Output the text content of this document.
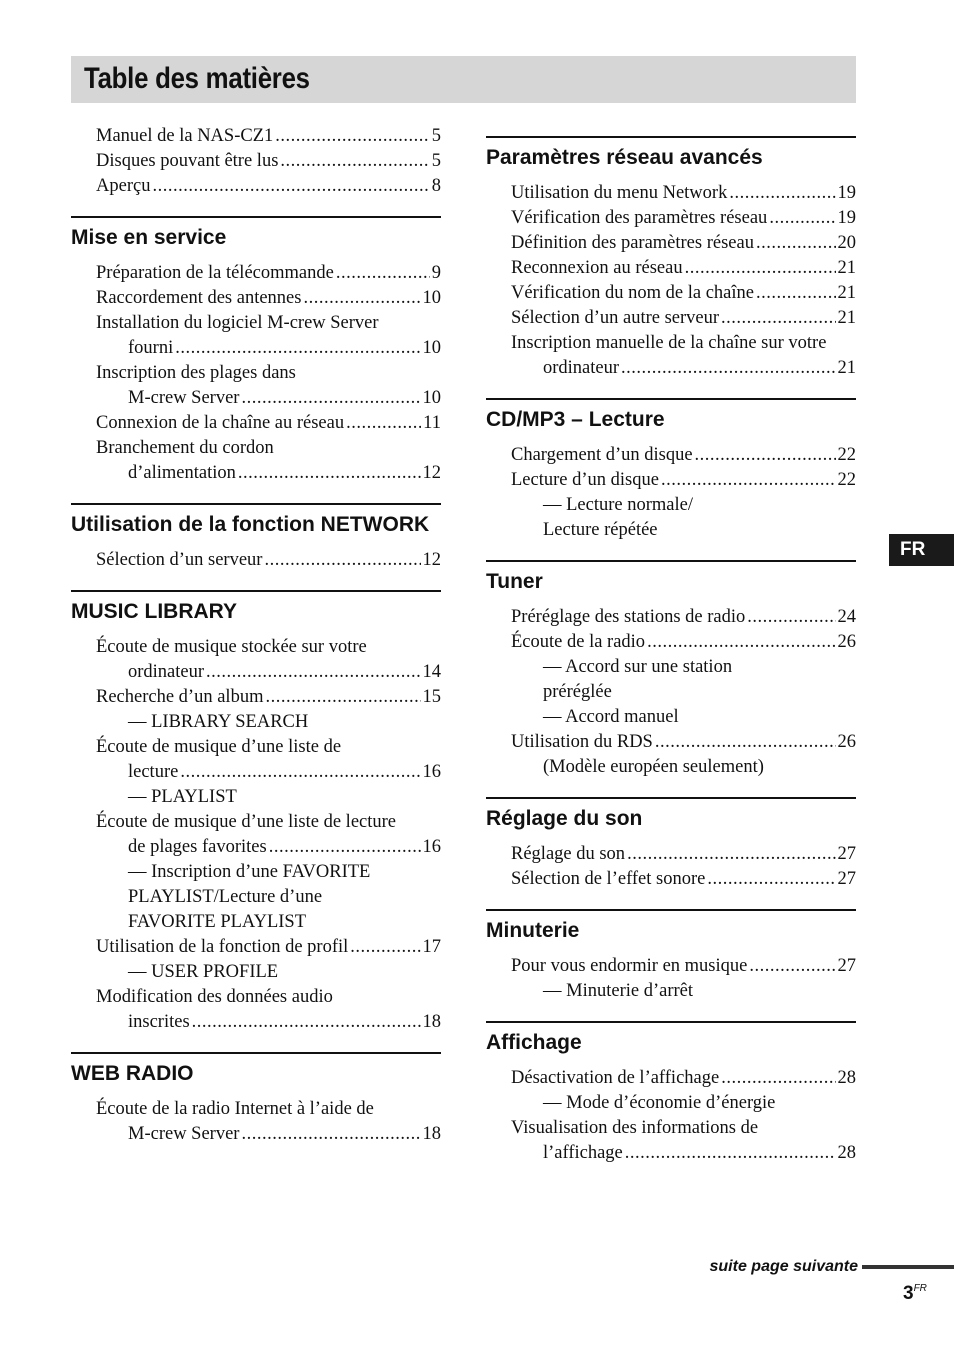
Table des matières
Manuel de la NAS-CZ1 .....	5
Disques pouvant être lus .....	5
Aperçu .....	8
Mise en service
Préparation de la télécommande .....	9
Raccordement des antennes .....	10
Installation du logiciel M-crew Server
fourni .....	10
Inscription des plages dans
M-crew Server .....	10
Connexion de la chaîne au réseau .....	11
Branchement du cordon
d’alimentation .....	12
Utilisation de la fonction NETWORK
Sélection d’un serveur .....	12
MUSIC LIBRARY
Écoute de musique stockée sur votre
ordinateur .....	14
Recherche d’un album .....	15
— LIBRARY SEARCH
Écoute de musique d’une liste de
lecture .....	16
— PLAYLIST
Écoute de musique d’une liste de lecture
de plages favorites .....	16
— Inscription d’une FAVORITE
PLAYLIST/Lecture d’une
FAVORITE PLAYLIST
Utilisation de la fonction de profil .....	17
— USER PROFILE
Modification des données audio
inscrites .....	18
WEB RADIO
Écoute de la radio Internet à l’aide de
M-crew Server .....	18
Paramètres réseau avancés
Utilisation du menu Network .....	19
Vérification des paramètres réseau .....	19
Définition des paramètres réseau .....	20
Reconnexion au réseau .....	21
Vérification du nom de la chaîne .....	21
Sélection d’un autre serveur .....	21
Inscription manuelle de la chaîne sur votre
ordinateur .....	21
CD/MP3 – Lecture
Chargement d’un disque .....	22
Lecture d’un disque .....	22
— Lecture normale/
Lecture répétée
Tuner
Préréglage des stations de radio .....	24
Écoute de la radio .....	26
— Accord sur une station
préréglée
— Accord manuel
Utilisation du RDS .....	26
(Modèle européen seulement)
Réglage du son
Réglage du son .....	27
Sélection de l’effet sonore .....	27
Minuterie
Pour vous endormir en musique .....	27
— Minuterie d’arrêt
Affichage
Désactivation de l’affichage .....	28
— Mode d’économie d’énergie
Visualisation des informations de
l’affichage .....	28
FR
suite page suivante
$3^{FR}$
